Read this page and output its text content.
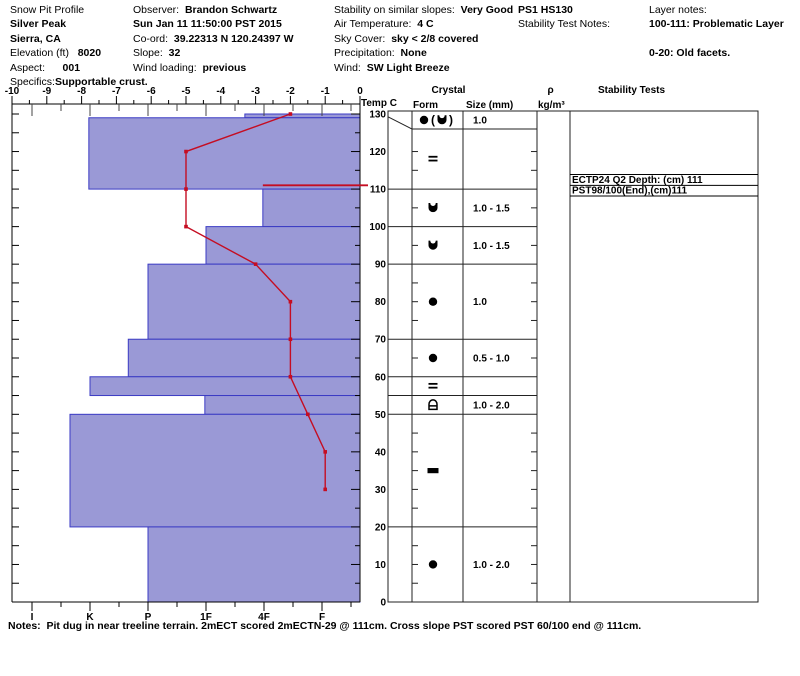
Snow Pit Profile
Silver Peak
Sierra, CA
Elevation (ft)   8020
Aspect:      001
Specifics:Supportable crust.
Observer:  Brandon Schwartz
Sun Jan 11 11:50:00 PST 2015
Co-ord:  39.22313 N 120.24397 W
Slope:  32
Wind loading:  previous
Stability on similar slopes:  Very Good
Air Temperature:  4 C
Sky Cover:  sky < 2/8 covered
Precipitation:  None
Wind:  SW Light Breeze
PS1 HS130
Stability Test Notes:
Layer notes:
100-111: Problematic Layer
0-20: Old facets.
-10 -9	-8	-7	-6	-5	-4	-3	-2	-1	0
Temp C
I	K	P	1F	4F	F
0
10
20
30
40
50
60
70
80
90
100
110
120
130
Crystal
Form	Size (mm)
ρ
kg/m³
Stability Tests
( ) 1.0
1.0 - 1.5
1.0 - 1.5
1.0
0.5 - 1.0
1.0 - 2.0
1.0 - 2.0
ECTP24 Q2 Depth: (cm) 111
PST98/100(End),(cm)111
Notes:  Pit dug in near treeline terrain. 2mECT scored 2mECTN-29 @ 111cm. Cross slope PST scored PST 60/100 end @ 111cm.
